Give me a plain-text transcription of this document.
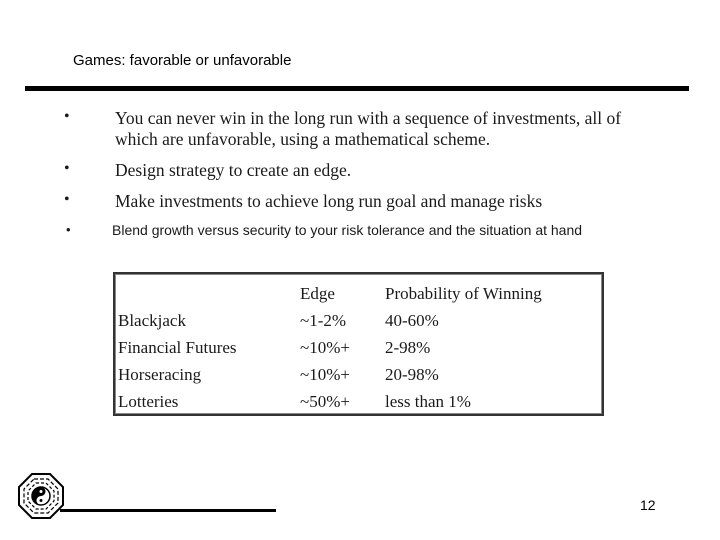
Games: favorable or unfavorable
•	You can never win in the long run with a sequence of investments, all of
which are unfavorable, using a mathematical scheme.
•	Design strategy to create an edge.
•	Make investments to achieve long run goal and manage risks
•	Blend growth versus security to your risk tolerance and the situation at hand
	Edge	Probability of Winning
Blackjack	~1-2%	40-60%
Financial Futures	~10%+	2-98%
Horseracing	~10%+	20-98%
Lotteries	~50%+	less than 1%
12
